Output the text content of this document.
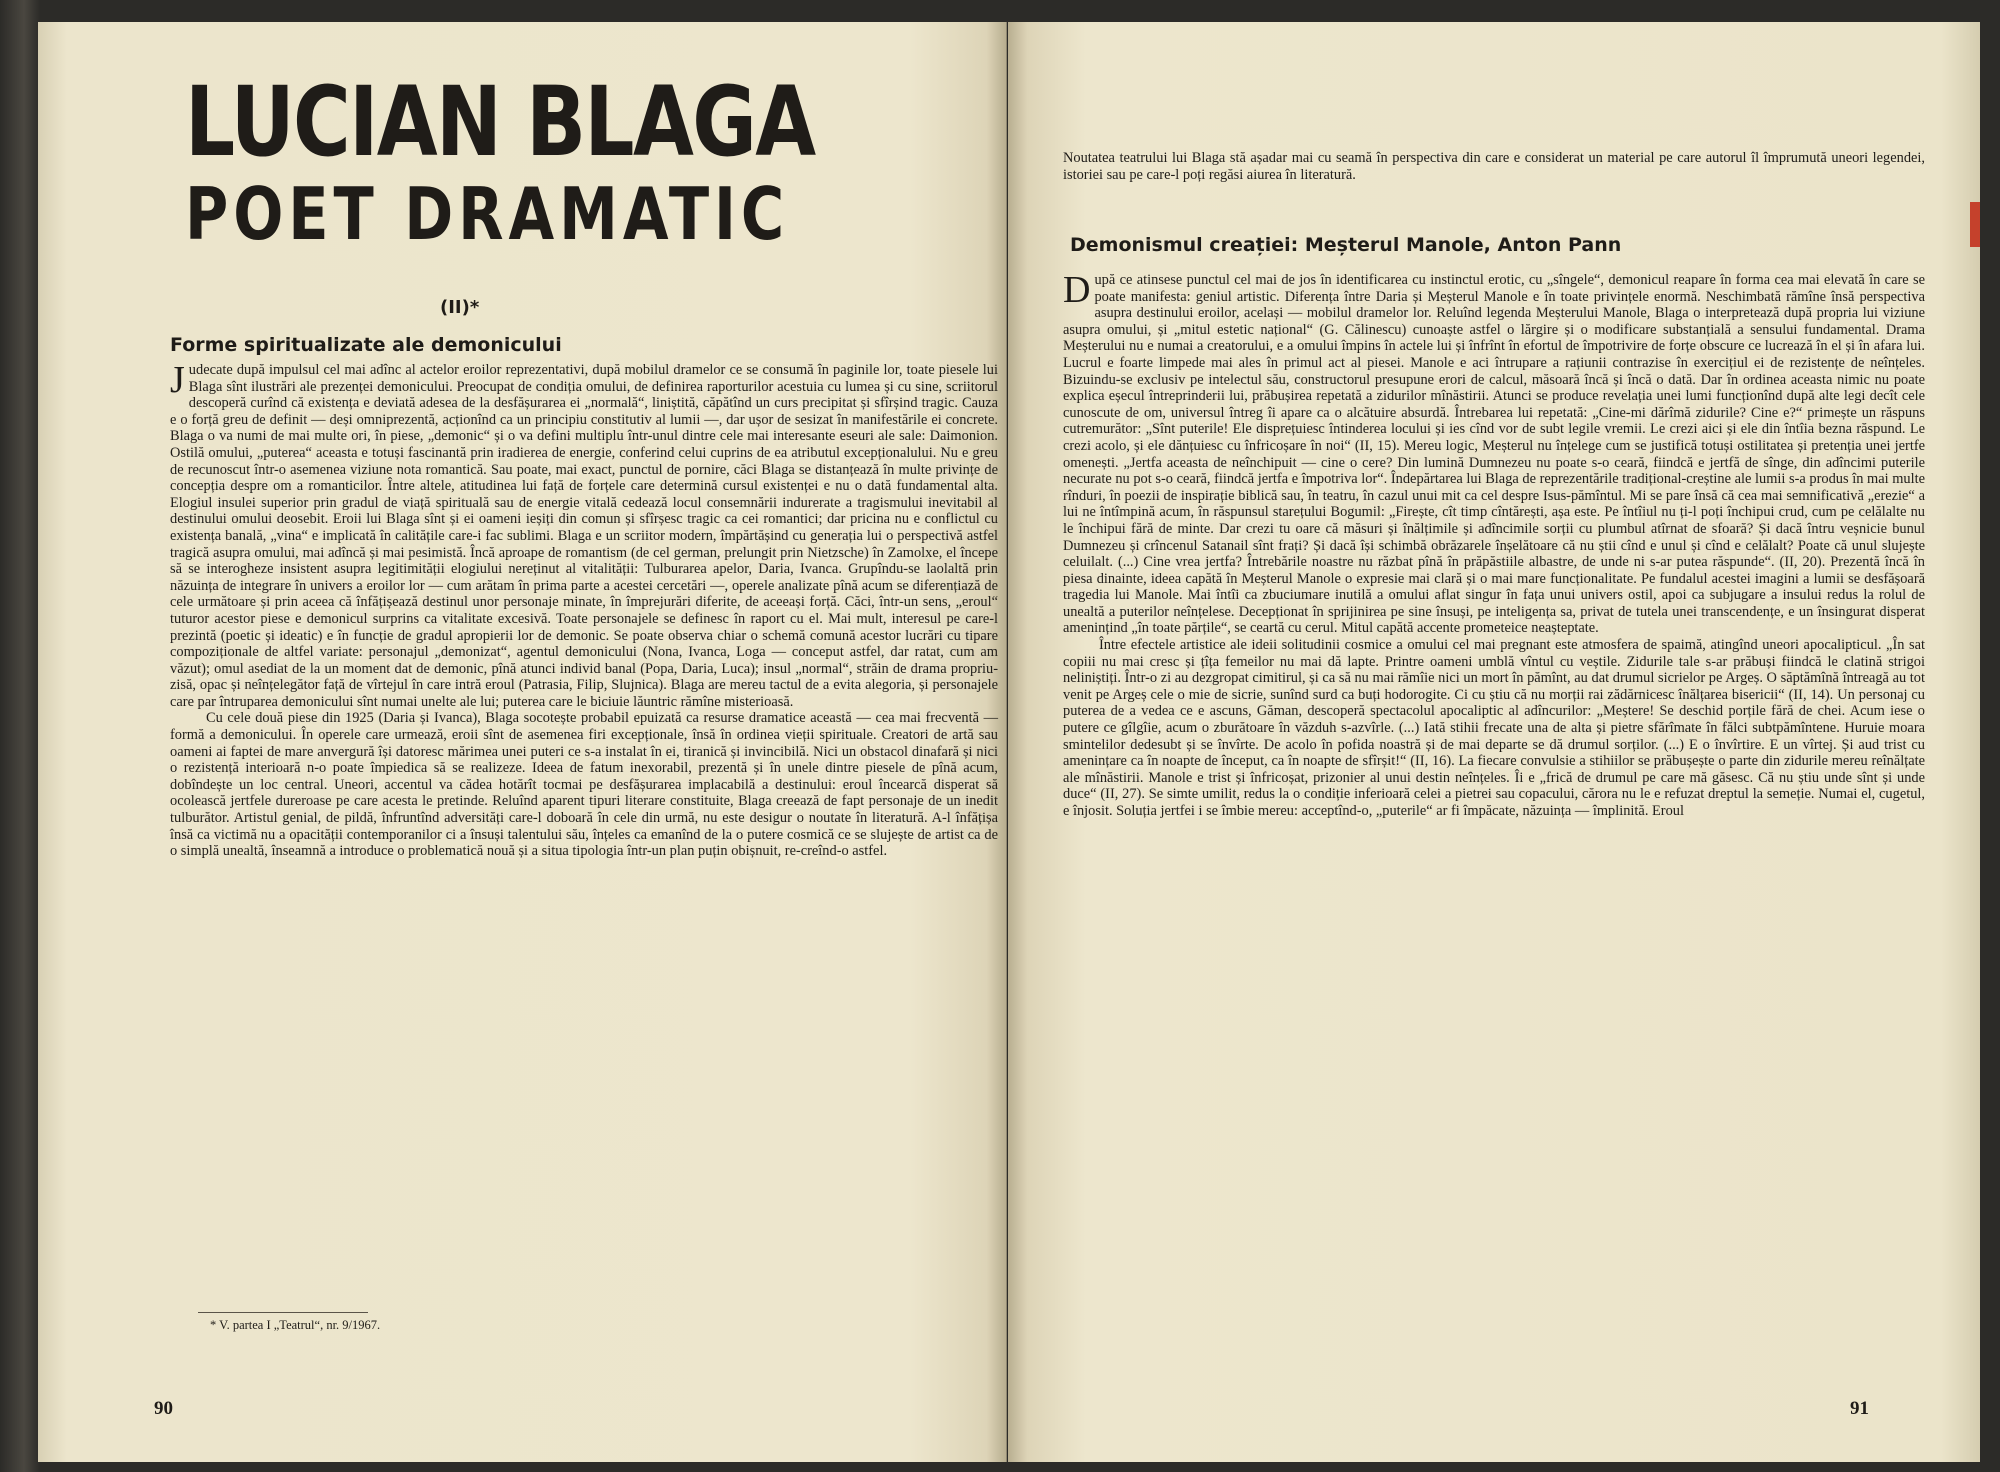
LUCIAN BLAGA
POET DRAMATIC
(II)*
Forme spiritualizate ale demonicului

Judecate după impulsul cel mai adînc al actelor eroilor reprezentativi, după mobilul dramelor ce se consumă în paginile lor, toate piesele lui Blaga sînt ilustrări ale prezenței demonicului. Preocupat de condiția omului, de definirea raporturilor acestuia cu lumea și cu sine, scriitorul descoperă curînd că existența e deviată adesea de la desfășurarea ei „normală“, liniștită, căpătînd un curs precipitat și sfîrșind tragic. Cauza e o forță greu de definit — deși omniprezentă, acționînd ca un principiu constitutiv al lumii —, dar ușor de sesizat în manifestările ei concrete. Blaga o va numi de mai multe ori, în piese, „demonic“ și o va defini multiplu într-unul dintre cele mai interesante eseuri ale sale: Daimonion. Ostilă omului, „puterea“ aceasta e totuși fascinantă prin iradierea de energie, conferind celui cuprins de ea atributul excepționalului. Nu e greu de recunoscut într-o asemenea viziune nota romantică. Sau poate, mai exact, punctul de pornire, căci Blaga se distanțează în multe privințe de concepția despre om a romanticilor. Între altele, atitudinea lui față de forțele care determină cursul existenței e nu o dată fundamental alta. Elogiul insulei superior prin gradul de viață spirituală sau de energie vitală cedează locul consemnării indurerate a tragismului inevitabil al destinului omului deosebit. Eroii lui Blaga sînt și ei oameni ieșiți din comun și sfîrșesc tragic ca cei romantici; dar pricina nu e conflictul cu existența banală, „vina“ e implicată în calitățile care-i fac sublimi. Blaga e un scriitor modern, împărtășind cu generația lui o perspectivă astfel tragică asupra omului, mai adîncă și mai pesimistă. Încă aproape de romantism (de cel german, prelungit prin Nietzsche) în Zamolxe, el începe să se interogheze insistent asupra legitimității elogiului nereținut al vitalității: Tulburarea apelor, Daria, Ivanca. Grupîndu-se laolaltă prin năzuința de integrare în univers a eroilor lor — cum arătam în prima parte a acestei cercetări —, operele analizate pînă acum se diferențiază de cele următoare și prin aceea că înfățișează destinul unor personaje minate, în împrejurări diferite, de aceeași forță. Căci, într-un sens, „eroul“ tuturor acestor piese e demonicul surprins ca vitalitate excesivă. Toate personajele se definesc în raport cu el. Mai mult, interesul pe care-l prezintă (poetic și ideatic) e în funcție de gradul apropierii lor de demonic. Se poate observa chiar o schemă comună acestor lucrări cu tipare compoziționale de altfel variate: personajul „demonizat“, agentul demonicului (Nona, Ivanca, Loga — conceput astfel, dar ratat, cum am văzut); omul asediat de la un moment dat de demonic, pînă atunci individ banal (Popa, Daria, Luca); insul „normal“, străin de drama propriu-zisă, opac și neînțelegător față de vîrtejul în care intră eroul (Patrasia, Filip, Slujnica). Blaga are mereu tactul de a evita alegoria, și personajele care par întruparea demonicului sînt numai unelte ale lui; puterea care le biciuie lăuntric rămîne misterioasă.

Cu cele două piese din 1925 (Daria și Ivanca), Blaga socotește probabil epuizată ca resurse dramatice această — cea mai frecventă — formă a demonicului. În operele care urmează, eroii sînt de asemenea firi excepționale, însă în ordinea vieții spirituale. Creatori de artă sau oameni ai faptei de mare anvergură își datoresc mărimea unei puteri ce s-a instalat în ei, tiranică și invincibilă. Nici un obstacol dinafară și nici o rezistență interioară n-o poate împiedica să se realizeze. Ideea de fatum inexorabil, prezentă și în unele dintre piesele de pînă acum, dobîndește un loc central. Uneori, accentul va cădea hotărît tocmai pe desfășurarea implacabilă a destinului: eroul încearcă disperat să ocolească jertfele dureroase pe care acesta le pretinde. Reluînd aparent tipuri literare constituite, Blaga creează de fapt personaje de un inedit tulburător. Artistul genial, de pildă, înfruntînd adversități care-l doboară în cele din urmă, nu este desigur o noutate în literatură. A-l înfățișa însă ca victimă nu a opacității contemporanilor ci a însuși talentului său, înțeles ca emanînd de la o putere cosmică ce se slujește de artist ca de o simplă unealtă, înseamnă a introduce o problematică nouă și a situa tipologia într-un plan puțin obișnuit, re-creînd-o astfel.

* V. partea I „Teatrul“, nr. 9/1967.
90
Noutatea teatrului lui Blaga stă așadar mai cu seamă în perspectiva din care e considerat un material pe care autorul îl împrumută uneori legendei, istoriei sau pe care-l poți regăsi aiurea în literatură.
Demonismul creației: Meșterul Manole, Anton Pann

După ce atinsese punctul cel mai de jos în identificarea cu instinctul erotic, cu „sîngele“, demonicul reapare în forma cea mai elevată în care se poate manifesta: geniul artistic. Diferența între Daria și Meșterul Manole e în toate privințele enormă. Neschimbată rămîne însă perspectiva asupra destinului eroilor, același — mobilul dramelor lor. Reluînd legenda Meșterului Manole, Blaga o interpretează după propria lui viziune asupra omului, și „mitul estetic național“ (G. Călinescu) cunoaște astfel o lărgire și o modificare substanțială a sensului fundamental. Drama Meșterului nu e numai a creatorului, e a omului împins în actele lui și înfrînt în efortul de împotrivire de forțe obscure ce lucrează în el și în afara lui. Lucrul e foarte limpede mai ales în primul act al piesei. Manole e aci întrupare a rațiunii contrazise în exercițiul ei de rezistențe de neînțeles. Bizuindu-se exclusiv pe intelectul său, constructorul presupune erori de calcul, măsoară încă și încă o dată. Dar în ordinea aceasta nimic nu poate explica eșecul întreprinderii lui, prăbușirea repetată a zidurilor mînăstirii. Atunci se produce revelația unei lumi funcționînd după alte legi decît cele cunoscute de om, universul întreg îi apare ca o alcătuire absurdă. Întrebarea lui repetată: „Cine-mi dărîmă zidurile? Cine e?“ primește un răspuns cutremurător: „Sînt puterile! Ele disprețuiesc întinderea locului și ies cînd vor de subt legile vremii. Le crezi aici și ele din întîia bezna răspund. Le crezi acolo, și ele dănțuiesc cu înfricoșare în noi“ (II, 15). Mereu logic, Meșterul nu înțelege cum se justifică totuși ostilitatea și pretenția unei jertfe omenești. „Jertfa aceasta de neînchipuit — cine o cere? Din lumină Dumnezeu nu poate s-o ceară, fiindcă e jertfă de sînge, din adîncimi puterile necurate nu pot s-o ceară, fiindcă jertfa e împotriva lor“. Îndepărtarea lui Blaga de reprezentările tradițional-creștine ale lumii s-a produs în mai multe rînduri, în poezii de inspirație biblică sau, în teatru, în cazul unui mit ca cel despre Isus-pămîntul. Mi se pare însă că cea mai semnificativă „erezie“ a lui ne întîmpină acum, în răspunsul starețului Bogumil: „Firește, cît timp cîntărești, așa este. Pe întîiul nu ți-l poți închipui crud, cum pe celălalte nu le închipui fără de minte. Dar crezi tu oare că măsuri și înălțimile și adîncimile sorții cu plumbul atîrnat de sfoară? Și dacă întru veșnicie bunul Dumnezeu și crîncenul Satanail sînt frați? Și dacă își schimbă obrăzarele înșelătoare că nu știi cînd e unul și cînd e celălalt? Poate că unul slujește celuilalt. (...) Cine vrea jertfa? Întrebările noastre nu răzbat pînă în prăpăstiile albastre, de unde ni s-ar putea răspunde“. (II, 20). Prezentă încă în piesa dinainte, ideea capătă în Meșterul Manole o expresie mai clară și o mai mare funcționalitate. Pe fundalul acestei imagini a lumii se desfășoară tragedia lui Manole. Mai întîi ca zbuciumare inutilă a omului aflat singur în fața unui univers ostil, apoi ca subjugare a insului redus la rolul de unealtă a puterilor neînțelese. Decepționat în sprijinirea pe sine însuși, pe inteligența sa, privat de tutela unei transcendențe, e un însingurat disperat amenințind „în toate părțile“, se ceartă cu cerul. Mitul capătă accente prometeice neașteptate.

Între efectele artistice ale ideii solitudinii cosmice a omului cel mai pregnant este atmosfera de spaimă, atingînd uneori apocalipticul. „În sat copiii nu mai cresc și țîța femeilor nu mai dă lapte. Printre oameni umblă vîntul cu veștile. Zidurile tale s-ar prăbuși fiindcă le clatină strigoi neliniștiți. Într-o zi au dezgropat cimitirul, și ca să nu mai rămîie nici un mort în pămînt, au dat drumul sicrielor pe Argeș. O săptămînă întreagă au tot venit pe Argeș cele o mie de sicrie, sunînd surd ca buți hodorogite. Ci cu știu că nu morții rai zădărnicesc înălțarea bisericii“ (II, 14). Un personaj cu puterea de a vedea ce e ascuns, Găman, descoperă spectacolul apocaliptic al adîncurilor: „Meștere! Se deschid porțile fără de chei. Acum iese o putere ce gîlgîie, acum o zburătoare în văzduh s-azvîrle. (...) Iată stihii frecate una de alta și pietre sfărîmate în fălci subtpămîntene. Huruie moara smintelilor dedesubt și se învîrte. De acolo în pofida noastră și de mai departe se dă drumul sorților. (...) E o învîrtire. E un vîrtej. Și aud trist cu amenințare ca în noapte de început, ca în noapte de sfîrșit!“ (II, 16). La fiecare convulsie a stihiilor se prăbușește o parte din zidurile mereu reînălțate ale mînăstirii. Manole e trist și înfricoșat, prizonier al unui destin neînțeles. Îi e „frică de drumul pe care mă găsesc. Că nu știu unde sînt și unde duce“ (II, 27). Se simte umilit, redus la o condiție inferioară celei a pietrei sau copacului, cărora nu le e refuzat dreptul la semeție. Numai el, cugetul, e înjosit. Soluția jertfei i se îmbie mereu: acceptînd-o, „puterile“ ar fi împăcate, năzuința — împlinită. Eroul

91
